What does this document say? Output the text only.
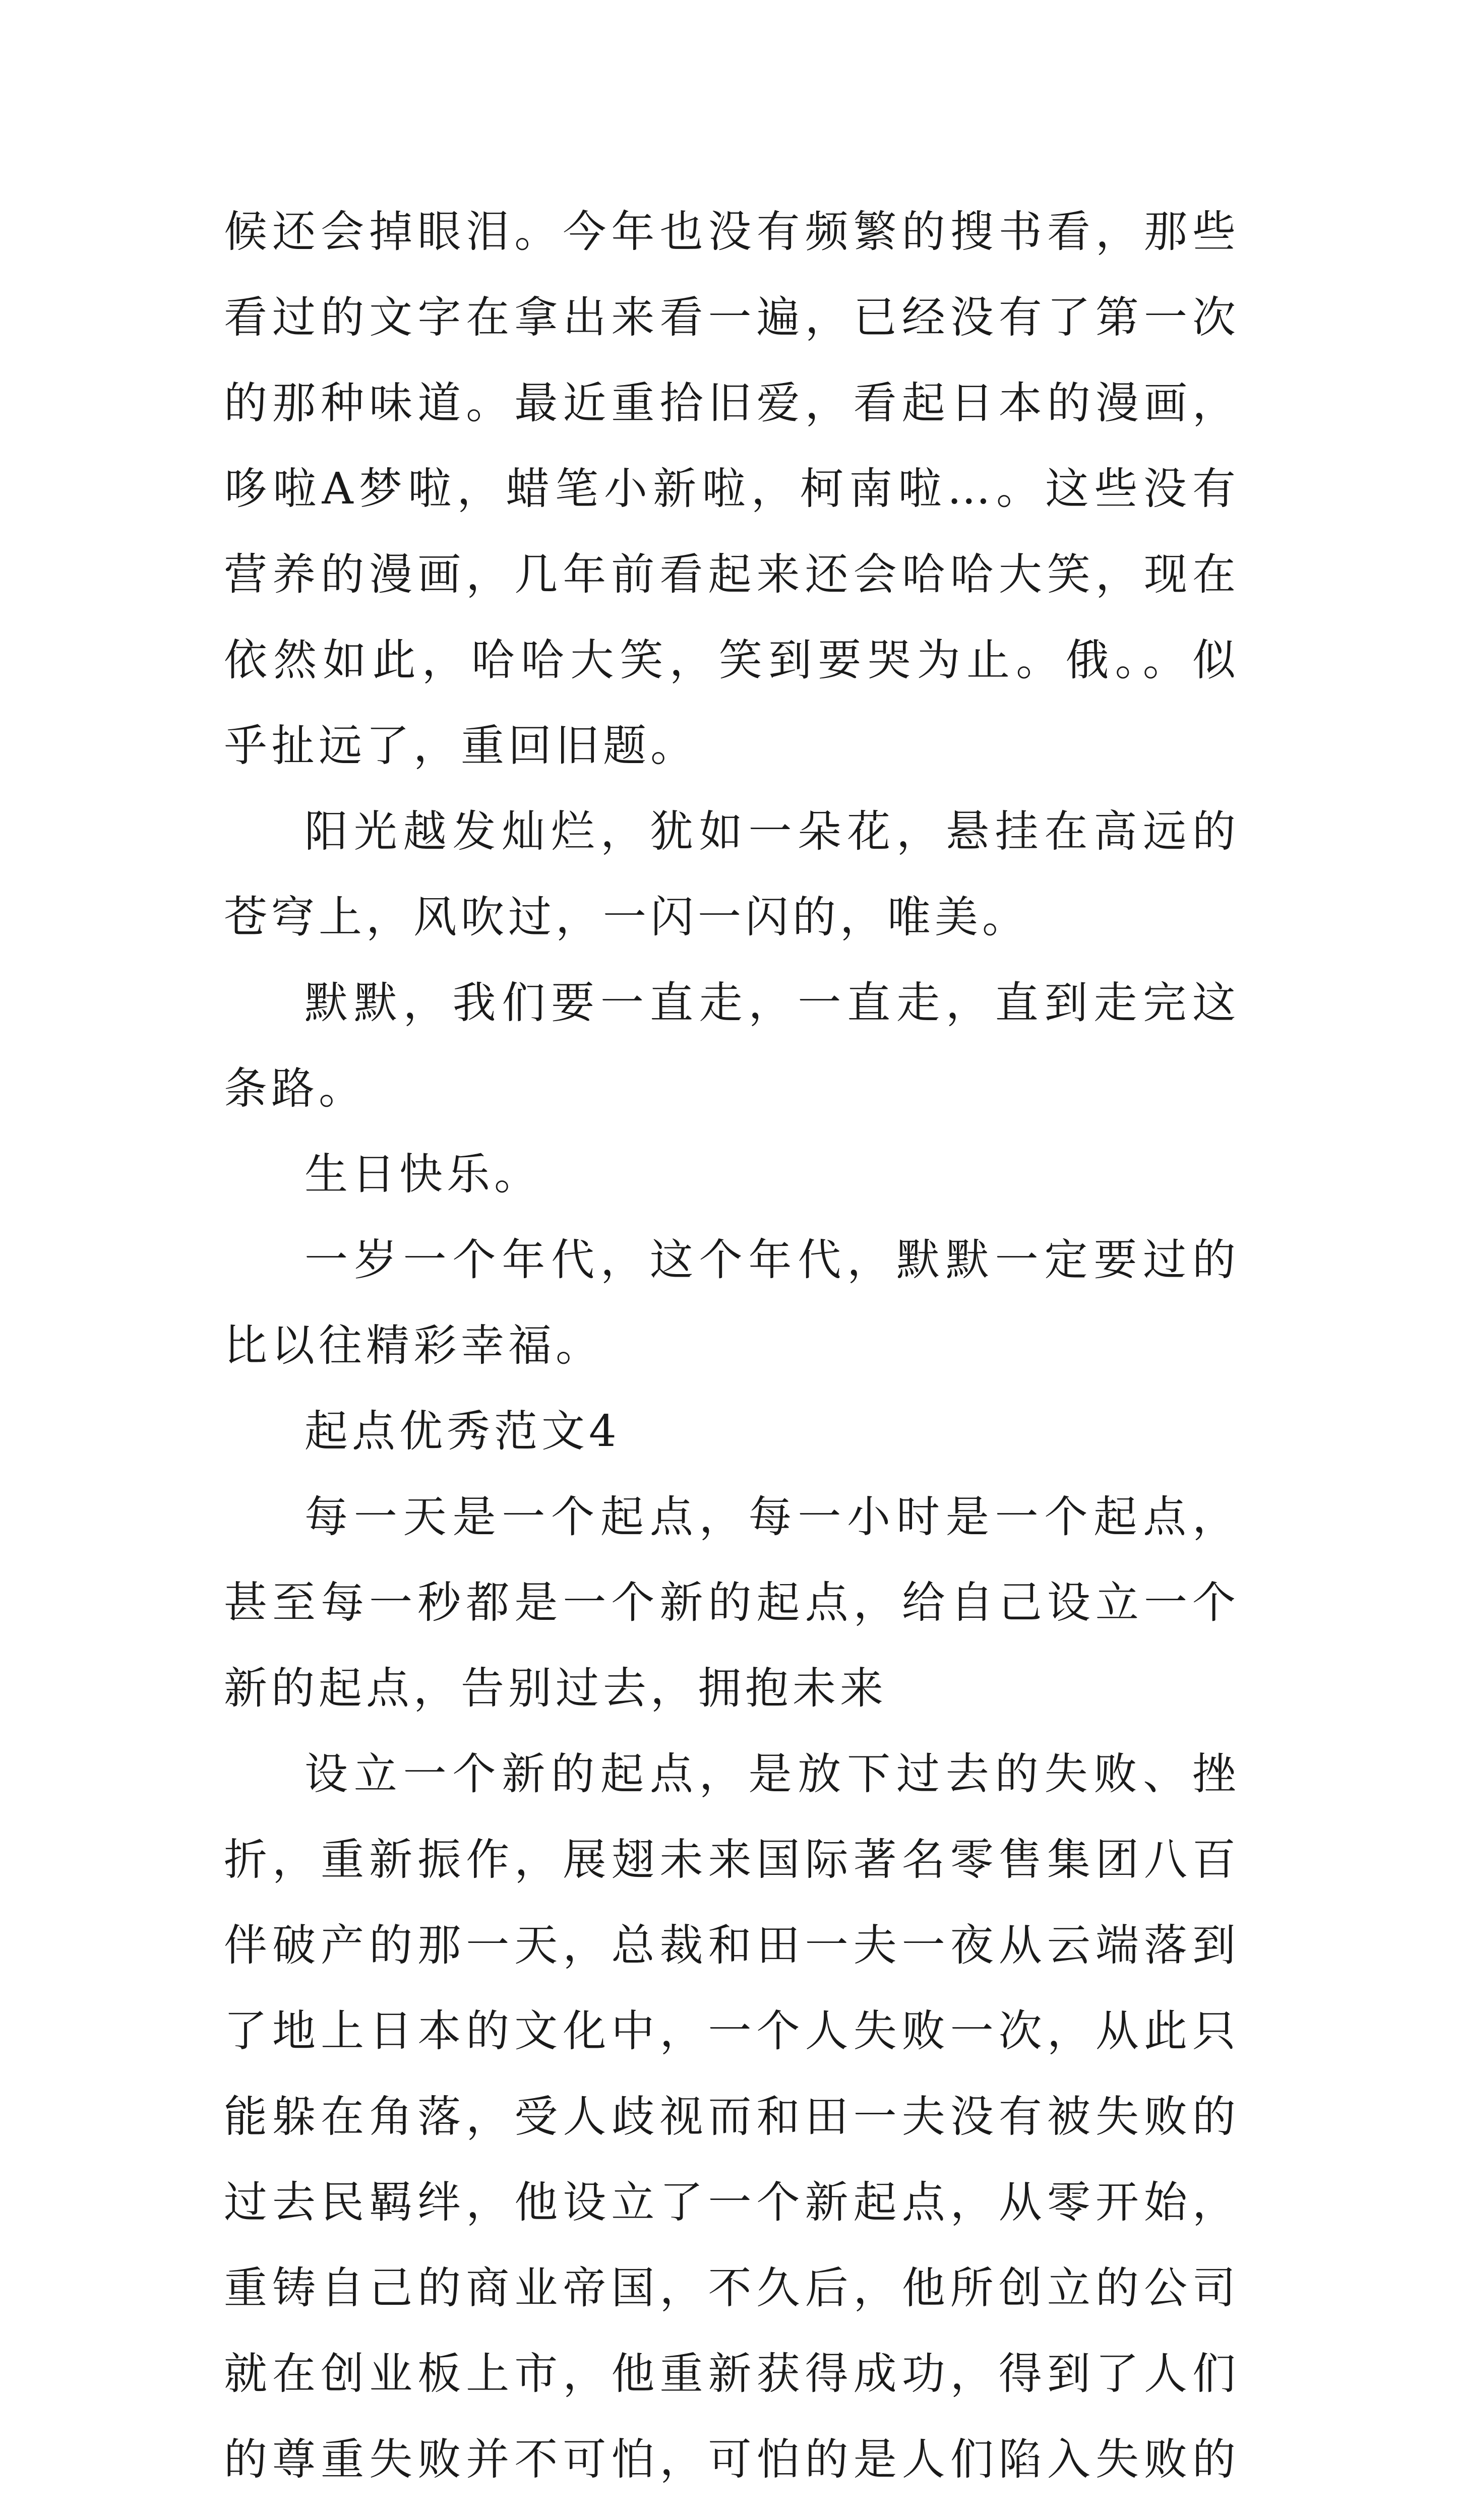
候还会掉眼泪。今年也没有频繁的搜书看，那些看过的文字在拿出来看一遍，已经没有了第一次的那种味道。最近重拾旧爱，看起日本的漫画，哆啦A梦啦，蜡笔小新啦，柯南啦…。这些没有营养的漫画，几年前看起来还会哈哈大笑，现在依然如此，哈哈大笑，笑到要哭为止。俄。。似乎扯远了，重回旧题。

阳光越发灿烂，犹如一朵花，悬挂在高远的苍穹上，风吹过，一闪一闪的，唯美。

默默，我们要一直走，一直走，直到走完这条路。

生日快乐。

一岁一个年代，这个年代，默默一定要过的比以往精彩幸福。

起点优秀范文4

每一天是一个起点，每一小时是一个起点，甚至每一秒都是一个新的起点，给自己设立一个新的起点，告别过去，拥抱未来

设立一个新的起点，是放下过去的失败、挫折，重新振作，展翅未来国际著名零售集团八百伴破产的那一天，总裁和田一夫一夜从云端落到了地上日本的文化中，一个人失败一次，从此只能躲在角落，受人歧视而和田一夫没有被失败的过去民羁绊，他设立了一个新起点，从零开始，重铸自己的商业帝国，不久后，他所创立的公司就在创业板上市，他重新获得成功，得到了人们的尊重失败并不可怕，可怕的是人们陷入失败的
